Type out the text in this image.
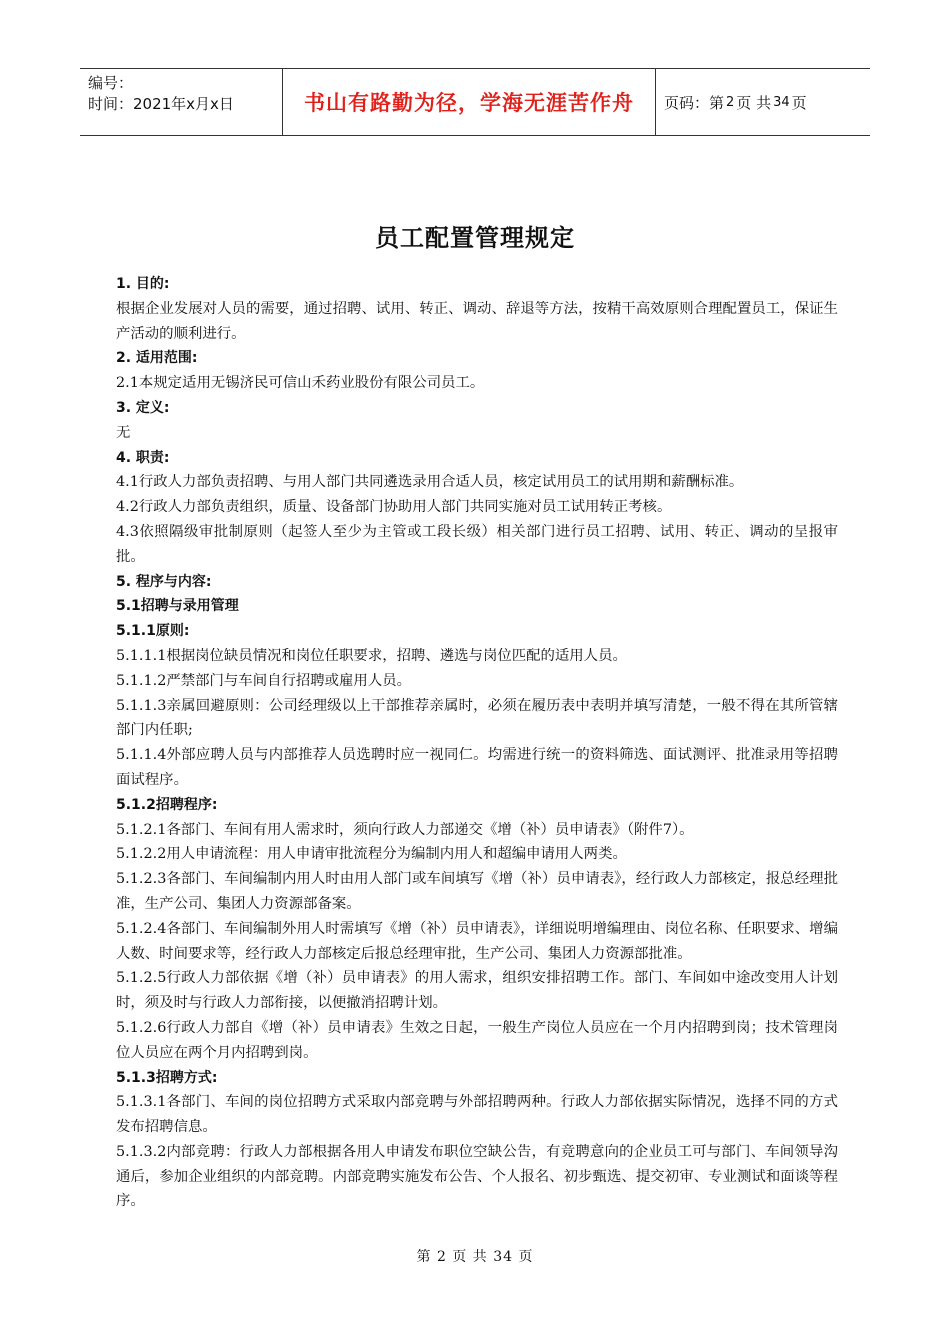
编号：
时间：2021年x月x日	书山有路勤为径，学海无涯苦作舟	页码：第 2 页 共 34 页
员工配置管理规定

1. 目的:

根据企业发展对人员的需要，通过招聘、试用、转正、调动、辞退等方法，按精干高效原则合理配置员工，保证生产活动的顺利进行。

2. 适用范围:

2.1本规定适用无锡济民可信山禾药业股份有限公司员工。

3. 定义:

无

4. 职责:

4.1行政人力部负责招聘、与用人部门共同遴选录用合适人员，核定试用员工的试用期和薪酬标准。

4.2行政人力部负责组织，质量、设备部门协助用人部门共同实施对员工试用转正考核。

4.3依照隔级审批制原则（起签人至少为主管或工段长级）相关部门进行员工招聘、试用、转正、调动的呈报审批。

5. 程序与内容:

5.1招聘与录用管理

5.1.1原则:

5.1.1.1根据岗位缺员情况和岗位任职要求，招聘、遴选与岗位匹配的适用人员。

5.1.1.2严禁部门与车间自行招聘或雇用人员。

5.1.1.3亲属回避原则：公司经理级以上干部推荐亲属时，必须在履历表中表明并填写清楚，一般不得在其所管辖部门内任职;

5.1.1.4外部应聘人员与内部推荐人员选聘时应一视同仁。均需进行统一的资料筛选、面试测评、批准录用等招聘面试程序。

5.1.2招聘程序:

5.1.2.1各部门、车间有用人需求时，须向行政人力部递交《增（补）员申请表》（附件7）。

5.1.2.2用人申请流程：用人申请审批流程分为编制内用人和超编申请用人两类。

5.1.2.3各部门、车间编制内用人时由用人部门或车间填写《增（补）员申请表》，经行政人力部核定，报总经理批准，生产公司、集团人力资源部备案。

5.1.2.4各部门、车间编制外用人时需填写《增（补）员申请表》，详细说明增编理由、岗位名称、任职要求、增编人数、时间要求等，经行政人力部核定后报总经理审批，生产公司、集团人力资源部批准。

5.1.2.5行政人力部依据《增（补）员申请表》的用人需求，组织安排招聘工作。部门、车间如中途改变用人计划时，须及时与行政人力部衔接，以便撤消招聘计划。

5.1.2.6行政人力部自《增（补）员申请表》生效之日起，一般生产岗位人员应在一个月内招聘到岗；技术管理岗位人员应在两个月内招聘到岗。

5.1.3招聘方式:

5.1.3.1各部门、车间的岗位招聘方式采取内部竞聘与外部招聘两种。行政人力部依据实际情况，选择不同的方式发布招聘信息。

5.1.3.2内部竞聘：行政人力部根据各用人申请发布职位空缺公告，有竞聘意向的企业员工可与部门、车间领导沟通后，参加企业组织的内部竞聘。内部竞聘实施发布公告、个人报名、初步甄选、提交初审、专业测试和面谈等程序。

第 2 页 共 34 页
